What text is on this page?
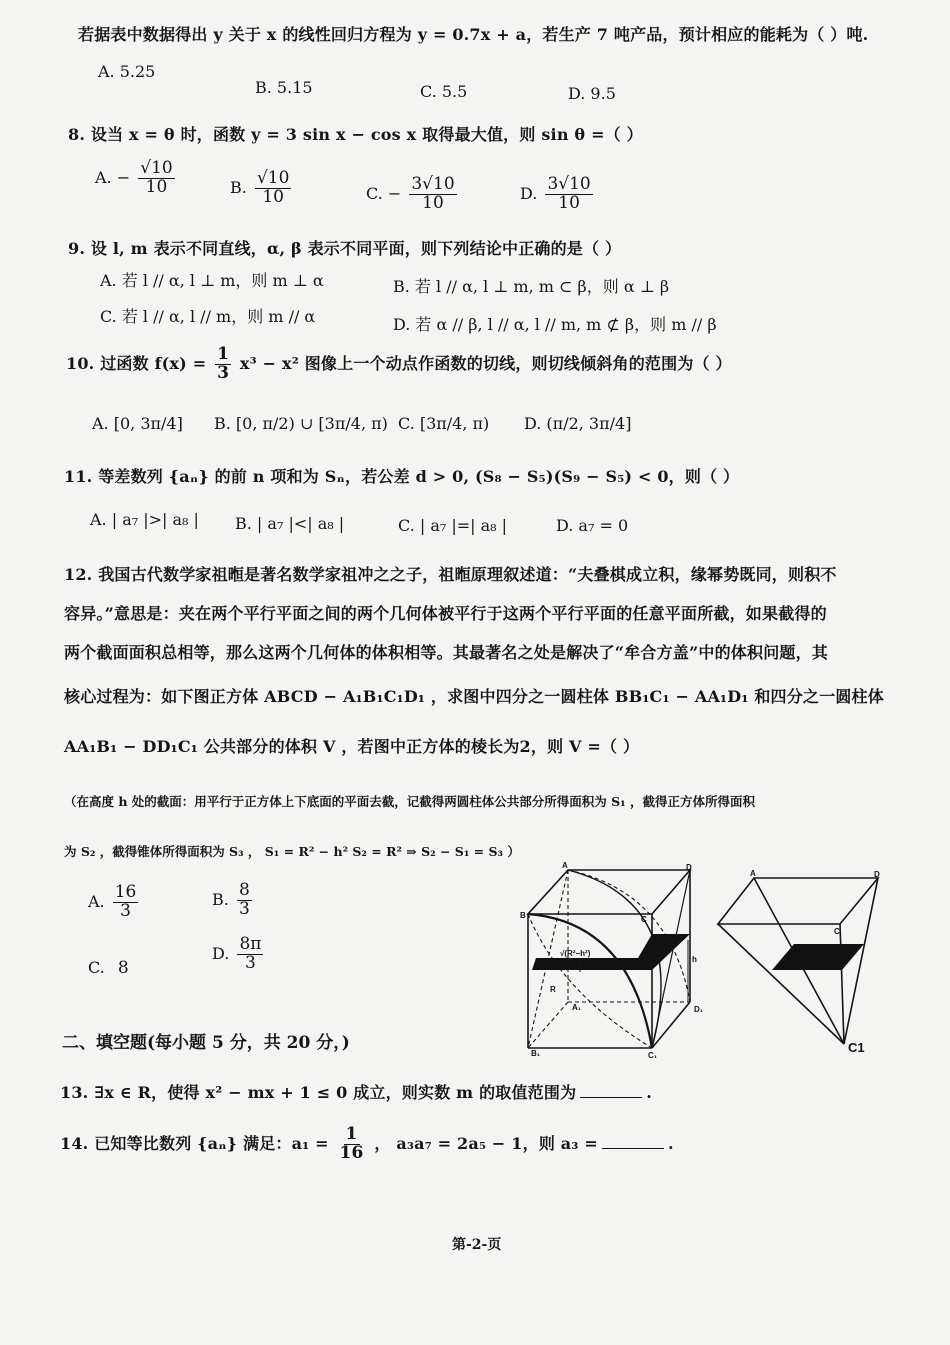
若据表中数据得出 y 关于 x 的线性回归方程为 y = 0.7x + a，若生产 7 吨产品，预计相应的能耗为（ ）吨.
A. 5.25
B. 5.15	C. 5.5	D. 9.5
8. 设当 x = θ 时，函数 y = 3 sin x − cos x 取得最大值，则 sin θ =（ ）
A. − $\frac{√10}{10}$	B. $\frac{√10}{10}$	C. − $\frac{3√10}{10}$	D. $\frac{3√10}{10}$
9. 设 l, m 表示不同直线，α, β 表示不同平面，则下列结论中正确的是（ ）
A. 若 l // α, l ⊥ m，则 m ⊥ α	B. 若 l // α, l ⊥ m, m ⊂ β，则 α ⊥ β
C. 若 l // α, l // m，则 m // α	D. 若 α // β, l // α, l // m, m ⊄ β，则 m // β
10. 过函数 $f(x) = \frac{1}{3} x^3 - x^2$ 图像上一个动点作函数的切线，则切线倾斜角的范围为（ ）
A. [0, 3π/4] B. [0, π/2) ∪ [3π/4, π) C. [3π/4, π) D. (π/2, 3π/4]
11. 等差数列 {aₙ} 的前 n 项和为 Sₙ，若公差 d > 0, (S₈ − S₅)(S₉ − S₅) < 0，则（ ）
A. | a₇ |>| a₈ | B. | a₇ |<| a₈ |	C. | a₇ |=| a₈ |	D. a₇ = 0
12. 我国古代数学家祖暅是著名数学家祖冲之之子，祖暅原理叙述道：“夫叠棋成立积，缘幂势既同，则积不
容异。”意思是：夹在两个平行平面之间的两个几何体被平行于这两个平行平面的任意平面所截，如果截得的
两个截面面积总相等，那么这两个几何体的体积相等。其最著名之处是解决了“牟合方盖”中的体积问题，其
核心过程为：如下图正方体 ABCD − A₁B₁C₁D₁ ，求图中四分之一圆柱体 BB₁C₁ − AA₁D₁ 和四分之一圆柱体
AA₁B₁ − DD₁C₁ 公共部分的体积 V ，若图中正方体的棱长为2，则 V =（ ）
（在高度 h 处的截面：用平行于正方体上下底面的平面去截，记截得两圆柱体公共部分所得面积为 S₁ ，截得正方体所得面积
为 S₂ ，截得锥体所得面积为 S₃ ， S₁ = R² − h² S₂ = R² ⇒ S₂ − S₁ = S₃ ）
A. $\frac{16}{3}$	B. $\frac{8}{3}$
C. 8
D. $\frac{8\pi}{3}$
A
B	C
D
B₁	C₁
D₁
A₁
h
R
√(R²−h²)
A
C
D
C1
二、填空题(每小题 5 分，共 20 分，)
13. ∃x ∈ R，使得 x² − mx + 1 ≤ 0 成立，则实数 m 的取值范围为	.
14. 已知等比数列 {aₙ} 满足：$a_1 = \frac{1}{16}$ ， a₃a₇ = 2a₅ − 1，则 a₃ =	.
第-2-页
